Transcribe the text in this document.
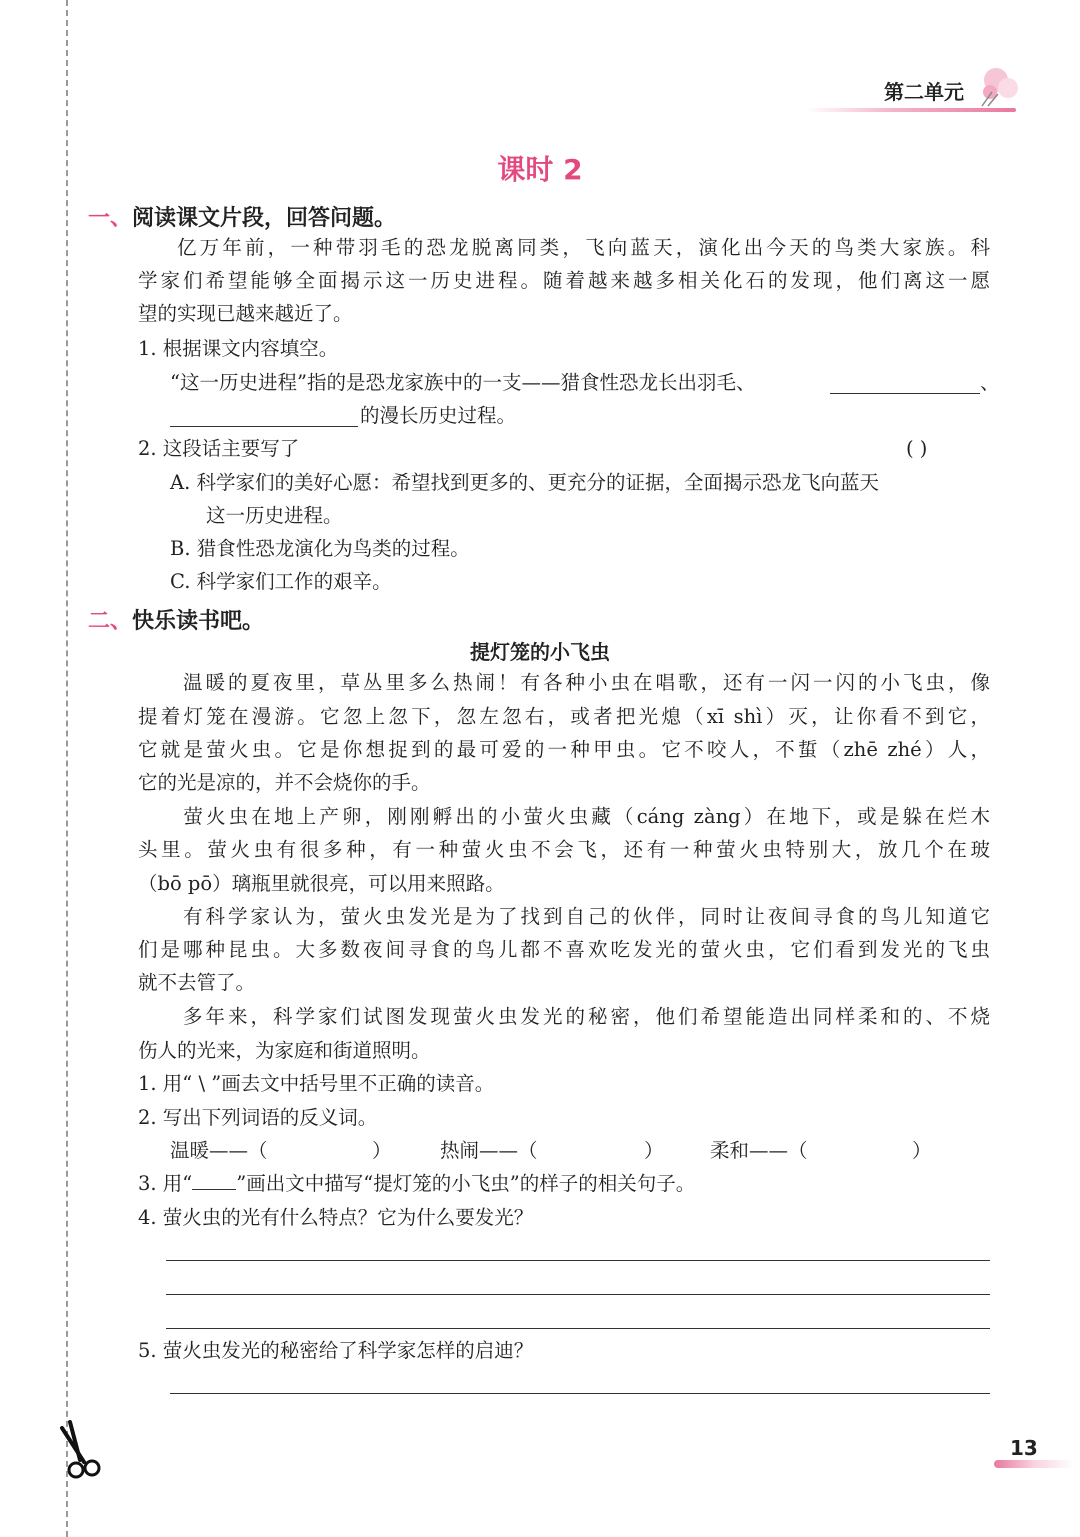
第二单元
课时 2
一、阅读课文片段，回答问题。
亿万年前，一种带羽毛的恐龙脱离同类，飞向蓝天，演化出今天的鸟类大家族。科
学家们希望能够全面揭示这一历史进程。随着越来越多相关化石的发现，他们离这一愿
望的实现已越来越近了。
1. 根据课文内容填空。
“这一历史进程”指的是恐龙家族中的一支——猎食性恐龙长出羽毛、	、
的漫长历史过程。
2. 这段话主要写了	( )
A. 科学家们的美好心愿：希望找到更多的、更充分的证据，全面揭示恐龙飞向蓝天
这一历史进程。
B. 猎食性恐龙演化为鸟类的过程。
C. 科学家们工作的艰辛。
二、快乐读书吧。
提灯笼的小飞虫
　　温暖的夏夜里，草丛里多么热闹！有各种小虫在唱歌，还有一闪一闪的小飞虫，像
提着灯笼在漫游。它忽上忽下，忽左忽右，或者把光熄（xī shì）灭，让你看不到它，
它就是萤火虫。它是你想捉到的最可爱的一种甲虫。它不咬人，不蜇（zhē zhé）人，
它的光是凉的，并不会烧你的手。
　　萤火虫在地上产卵，刚刚孵出的小萤火虫藏（cáng zàng）在地下，或是躲在烂木
头里。萤火虫有很多种，有一种萤火虫不会飞，还有一种萤火虫特别大，放几个在玻
（bō pō）璃瓶里就很亮，可以用来照路。
　　有科学家认为，萤火虫发光是为了找到自己的伙伴，同时让夜间寻食的鸟儿知道它
们是哪种昆虫。大多数夜间寻食的鸟儿都不喜欢吃发光的萤火虫，它们看到发光的飞虫
就不去管了。
　　多年来，科学家们试图发现萤火虫发光的秘密，他们希望能造出同样柔和的、不烧
伤人的光来，为家庭和街道照明。
1. 用“ \ ”画去文中括号里不正确的读音。
2. 写出下列词语的反义词。
温暖——（	） 热闹——（	） 柔和——（	）
3. 用“ ”画出文中描写“提灯笼的小飞虫”的样子的相关句子。
4. 萤火虫的光有什么特点？它为什么要发光？
5. 萤火虫发光的秘密给了科学家怎样的启迪？
13
